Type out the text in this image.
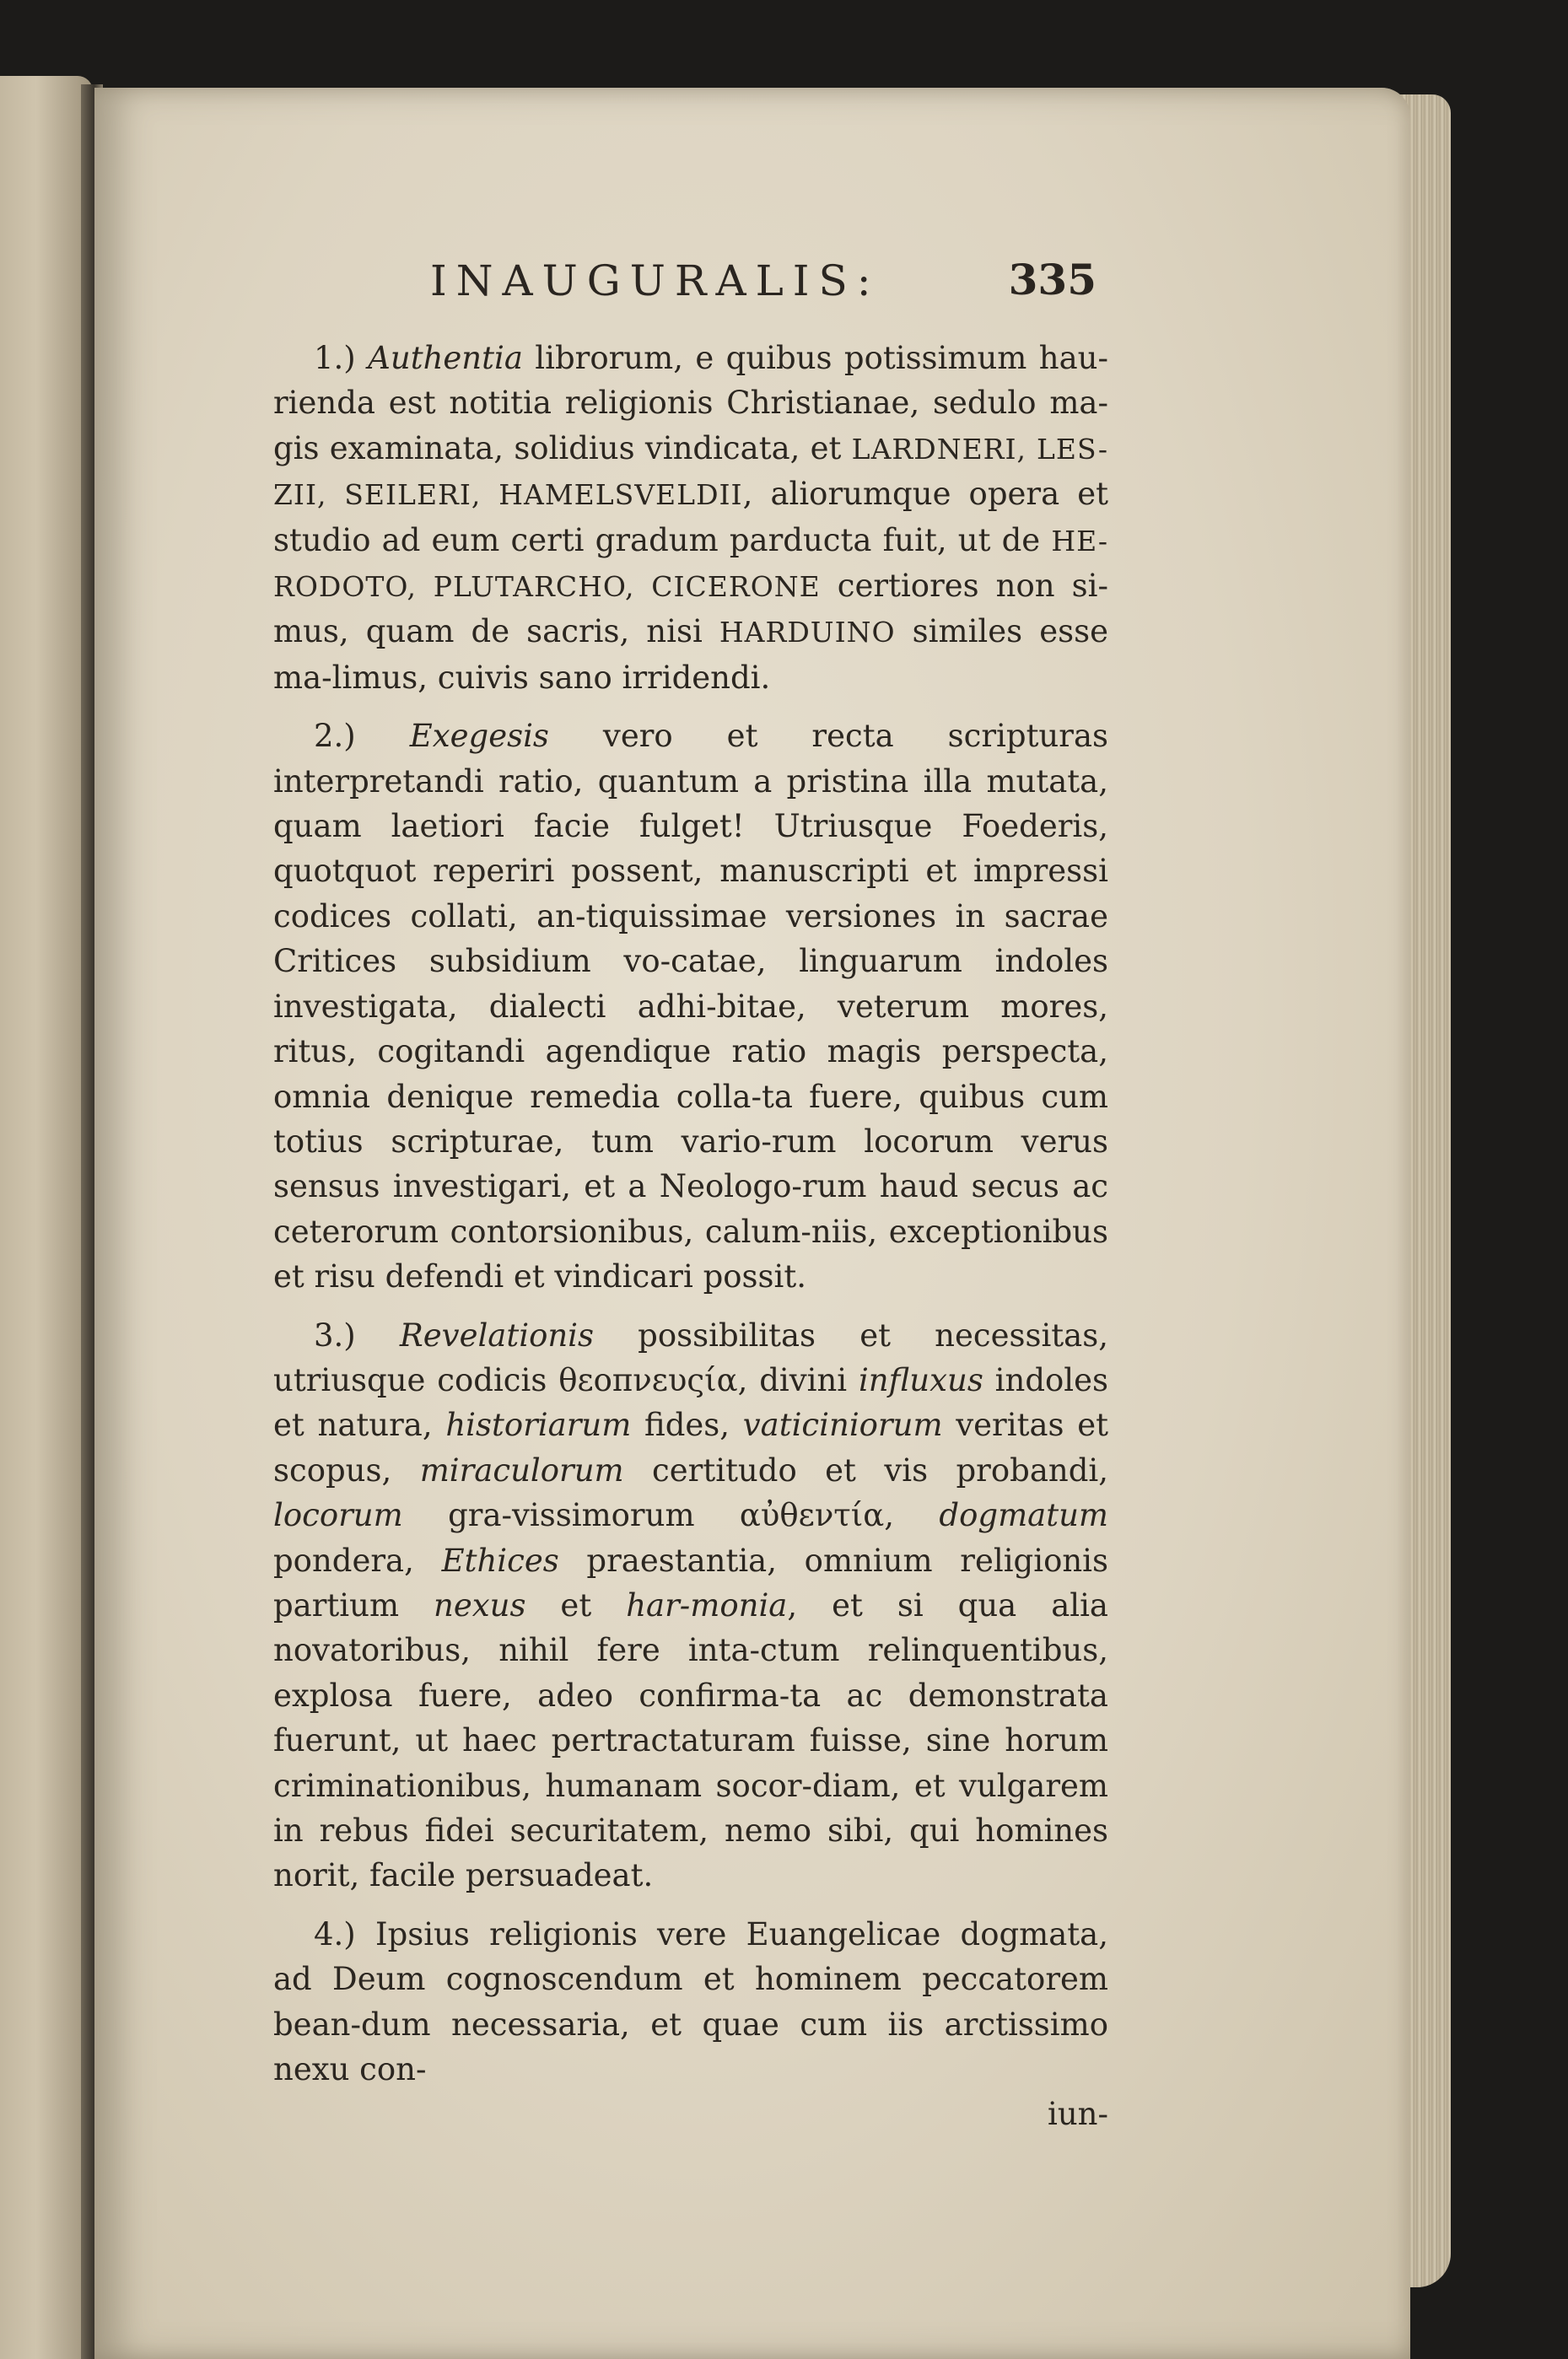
INAUGURALIS:	335

1.) Authentia librorum, e quibus potissimum hau-rienda est notitia religionis Christianae, sedulo ma-gis examinata, solidius vindicata, et LARDNERI, LES-ZII, SEILERI, HAMELSVELDII, aliorumque opera et studio ad eum certi gradum parducta fuit, ut de HE-RODOTO, PLUTARCHO, CICERONE certiores non si-mus, quam de sacris, nisi HARDUINO similes esse ma-limus, cuivis sano irridendi.

2.) Exegesis vero et recta scripturas interpretandi ratio, quantum a pristina illa mutata, quam laetiori facie fulget! Utriusque Foederis, quotquot reperiri possent, manuscripti et impressi codices collati, an-tiquissimae versiones in sacrae Critices subsidium vo-catae, linguarum indoles investigata, dialecti adhi-bitae, veterum mores, ritus, cogitandi agendique ratio magis perspecta, omnia denique remedia colla-ta fuere, quibus cum totius scripturae, tum vario-rum locorum verus sensus investigari, et a Neologo-rum haud secus ac ceterorum contorsionibus, calum-niis, exceptionibus et risu defendi et vindicari possit.

3.) Revelationis possibilitas et necessitas, utriusque codicis θεοπνευςία, divini influxus indoles et natura, historiarum fides, vaticiniorum veritas et scopus, miraculorum certitudo et vis probandi, locorum gra-vissimorum αὐθεντία, dogmatum pondera, Ethices praestantia, omnium religionis partium nexus et har-monia, et si qua alia novatoribus, nihil fere inta-ctum relinquentibus, explosa fuere, adeo confirma-ta ac demonstrata fuerunt, ut haec pertractaturam fuisse, sine horum criminationibus, humanam socor-diam, et vulgarem in rebus fidei securitatem, nemo sibi, qui homines norit, facile persuadeat.

4.) Ipsius religionis vere Euangelicae dogmata, ad Deum cognoscendum et hominem peccatorem bean-dum necessaria, et quae cum iis arctissimo nexu con-

iun-
